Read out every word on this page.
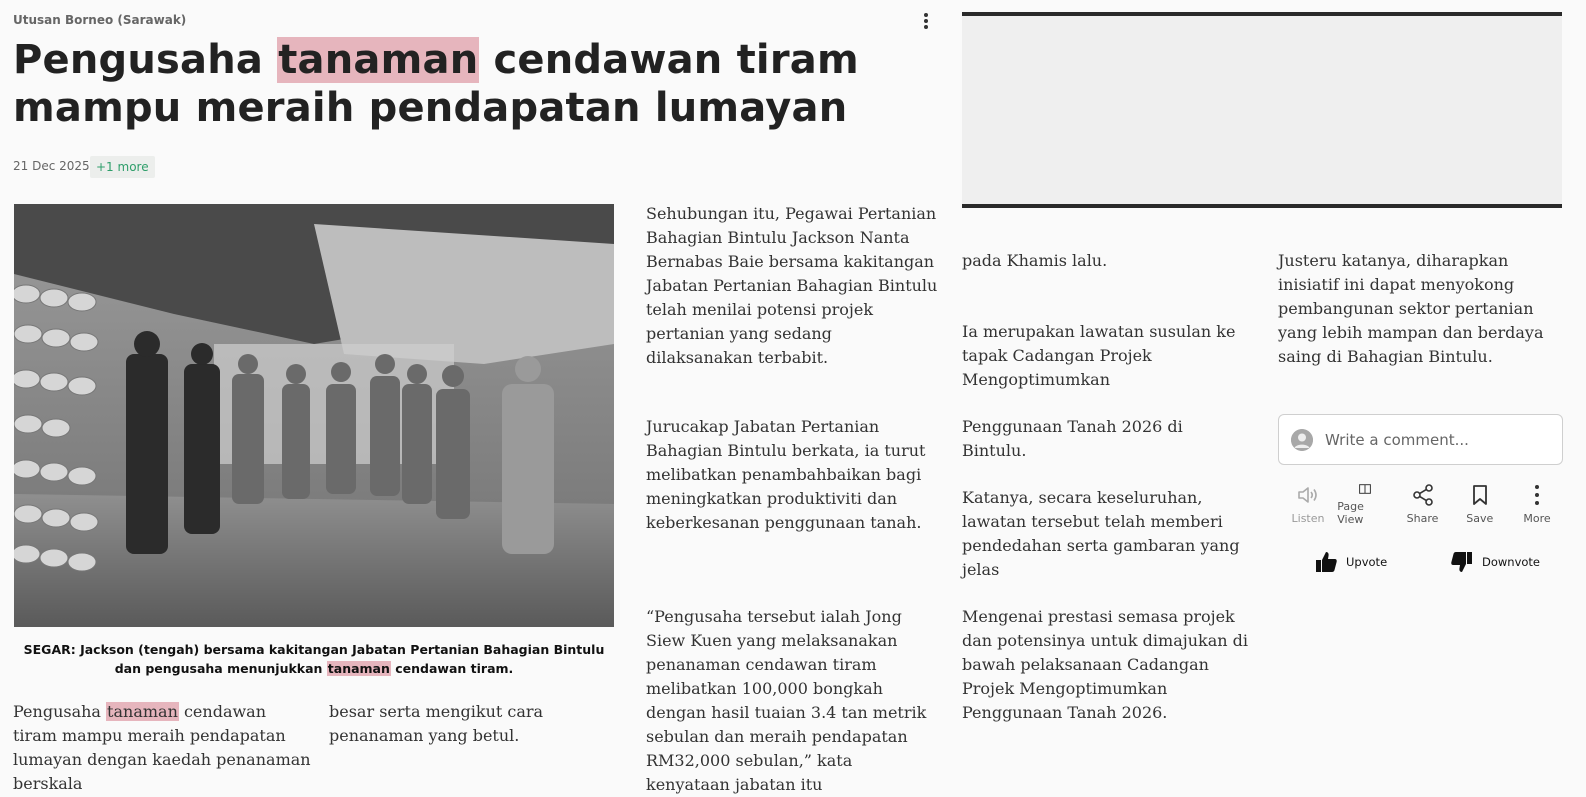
Utusan Borneo (Sarawak)
Pengusaha tanaman cendawan tiram mampu meraih pendapatan lumayan
21 Dec 2025 +1 more
SEGAR: Jackson (tengah) bersama kakitangan Jabatan Pertanian Bahagian Bintulu dan pengusaha menunjukkan tanaman cendawan tiram.
Pengusaha tanaman cendawan tiram mampu meraih pendapatan lumayan dengan kaedah penanaman berskala
besar serta mengikut cara penanaman yang betul.
Sehubungan itu, Pegawai Pertanian Bahagian Bintulu Jackson Nanta Bernabas Baie bersama kakitangan Jabatan Pertanian Bahagian Bintulu telah menilai potensi projek pertanian yang sedang dilaksanakan terbabit.
Jurucakap Jabatan Pertanian Bahagian Bintulu berkata, ia turut melibatkan penambahbaikan bagi meningkatkan produktiviti dan keberkesanan penggunaan tanah.
“Pengusaha tersebut ialah Jong Siew Kuen yang melaksanakan penanaman cendawan tiram melibatkan 100,000 bongkah dengan hasil tuaian 3.4 tan metrik sebulan dan meraih pendapatan RM32,000 sebulan,” kata kenyataan jabatan itu
pada Khamis lalu.
Ia merupakan lawatan susulan ke tapak Cadangan Projek Mengoptimumkan
Penggunaan Tanah 2026 di Bintulu.
Katanya, secara keseluruhan, lawatan tersebut telah memberi pendedahan serta gambaran yang jelas
Mengenai prestasi semasa projek dan potensinya untuk dimajukan di bawah pelaksanaan Cadangan Projek Mengoptimumkan Penggunaan Tanah 2026.
Justeru katanya, diharapkan inisiatif ini dapat menyokong pembangunan sektor pertanian yang lebih mampan dan berdaya saing di Bahagian Bintulu.
Write a comment...
Listen
Page View	Share	Save	More
Upvote	Downvote
